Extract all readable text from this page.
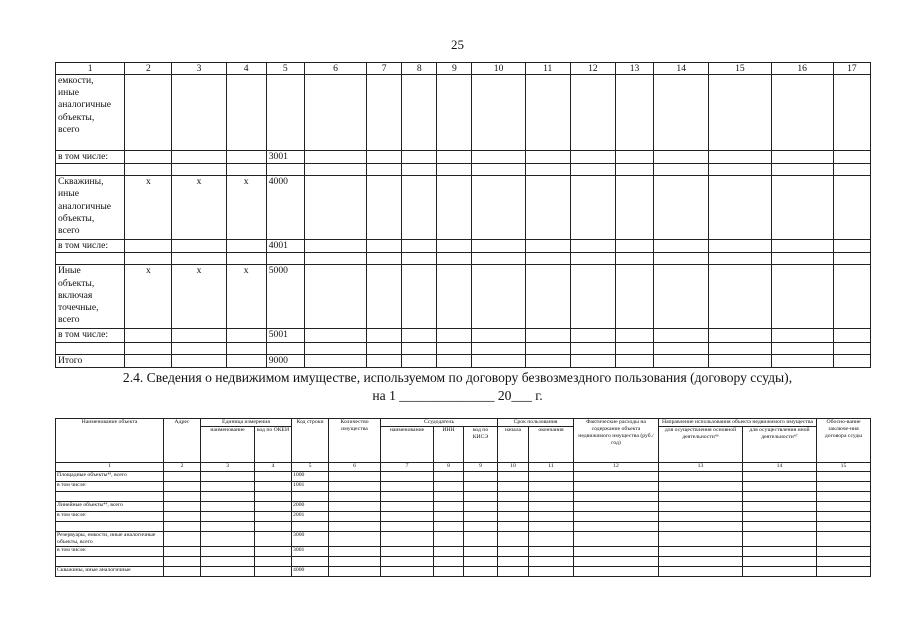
25
1	2	3	4	5	6	7	8	9	10	11	12	13	14	15	16	17
емкости,
иные
аналогичные
объекты,
всего																
в том числе:				3001												

Скважины,
иные
аналогичные
объекты,
всего	х	х	х	4000												
в том числе:				4001												

Иные
объекты,
включая
точечные,
всего	х	х	х	5000												
в том числе:				5001												

Итого				9000												
2.4. Сведения о недвижимом имуществе, используемом по договору безвозмездного пользования (договору ссуды),
на 1 ______________ 20___ г.
Наименование объекта	Адрес	Единица измерения		Код строки	Количество имущества	Ссудодатель			Срок пользования		Фактические расходы на содержание объекта недвижимого имущества (руб./год)	Направление использования объекта недвижимого имущества		Обосно-вание заключе-ния договора ссуды
		наименование	код по ОКЕИ			наименование	ИНН	код по КИСЭ	начала	окончания		для осуществления основной деятельности⁴⁶	для осуществления иной деятельности⁴⁷	
1	2	3	4	5	6	7	8	9	10	11	12	13	14	15
Площадные объекты⁴³, всего				1000										
в том числе:				1001										

Линейные объекты⁴⁴, всего				2000										
в том числе:				2001										

Резервуары, емкости, иные аналогичные объекты, всего				3000										
в том числе:				3001										

Скважины, иные аналогичные				4000										
